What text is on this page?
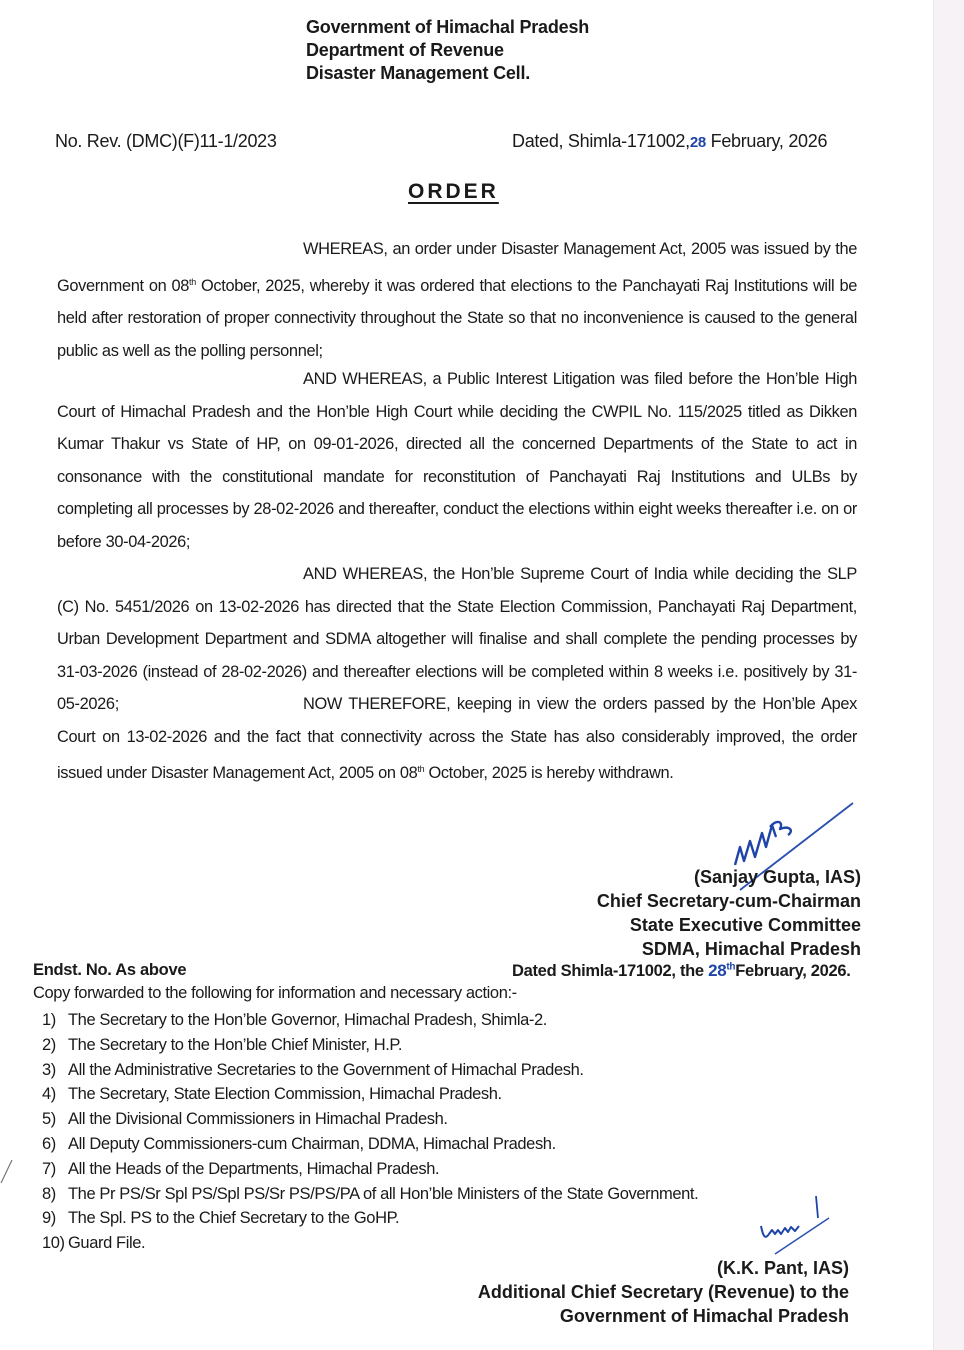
Government of Himachal Pradesh
Department of Revenue
Disaster Management Cell.
No. Rev. (DMC)(F)11-1/2023	Dated, Shimla-171002,28 February, 2026
ORDER

WHEREAS, an order under Disaster Management Act, 2005 was issued by the Government on 08th October, 2025, whereby it was ordered that elections to the Panchayati Raj Institutions will be held after restoration of proper connectivity throughout the State so that no inconvenience is caused to the general public as well as the polling personnel;

AND WHEREAS, a Public Interest Litigation was filed before the Hon’ble High Court of Himachal Pradesh and the Hon’ble High Court while deciding the CWPIL No. 115/2025 titled as Dikken Kumar Thakur vs State of HP, on 09-01-2026, directed all the concerned Departments of the State to act in consonance with the constitutional mandate for reconstitution of Panchayati Raj Institutions and ULBs by completing all processes by 28-02-2026 and thereafter, conduct the elections within eight weeks thereafter i.e. on or before 30-04-2026;

AND WHEREAS, the Hon’ble Supreme Court of India while deciding the SLP (C) No. 5451/2026 on 13-02-2026 has directed that the State Election Commission, Panchayati Raj Department, Urban Development Department and SDMA altogether will finalise and shall complete the pending processes by 31-03-2026 (instead of 28-02-2026) and thereafter elections will be completed within 8 weeks i.e. positively by 31-05-2026;	NOW THEREFORE, keeping in view the orders passed by the Hon’ble Apex Court on 13-02-2026 and the fact that connectivity across the State has also considerably improved, the order issued under Disaster Management Act, 2005 on 08th October, 2025 is hereby withdrawn.

(Sanjay Gupta, IAS)
Chief Secretary-cum-Chairman
State Executive Committee
SDMA, Himachal Pradesh
Endst. No. As above	Dated Shimla-171002, the 28thFebruary, 2026.
Copy forwarded to the following for information and necessary action:-
1) The Secretary to the Hon’ble Governor, Himachal Pradesh, Shimla-2.
2) The Secretary to the Hon’ble Chief Minister, H.P.
3) All the Administrative Secretaries to the Government of Himachal Pradesh.
4) The Secretary, State Election Commission, Himachal Pradesh.
5) All the Divisional Commissioners in Himachal Pradesh.
6) All Deputy Commissioners-cum Chairman, DDMA, Himachal Pradesh.
7) All the Heads of the Departments, Himachal Pradesh.
8) The Pr PS/Sr Spl PS/Spl PS/Sr PS/PS/PA of all Hon’ble Ministers of the State Government.
9) The Spl. PS to the Chief Secretary to the GoHP.
10) Guard File.
(K.K. Pant, IAS)
Additional Chief Secretary (Revenue) to the
Government of Himachal Pradesh
